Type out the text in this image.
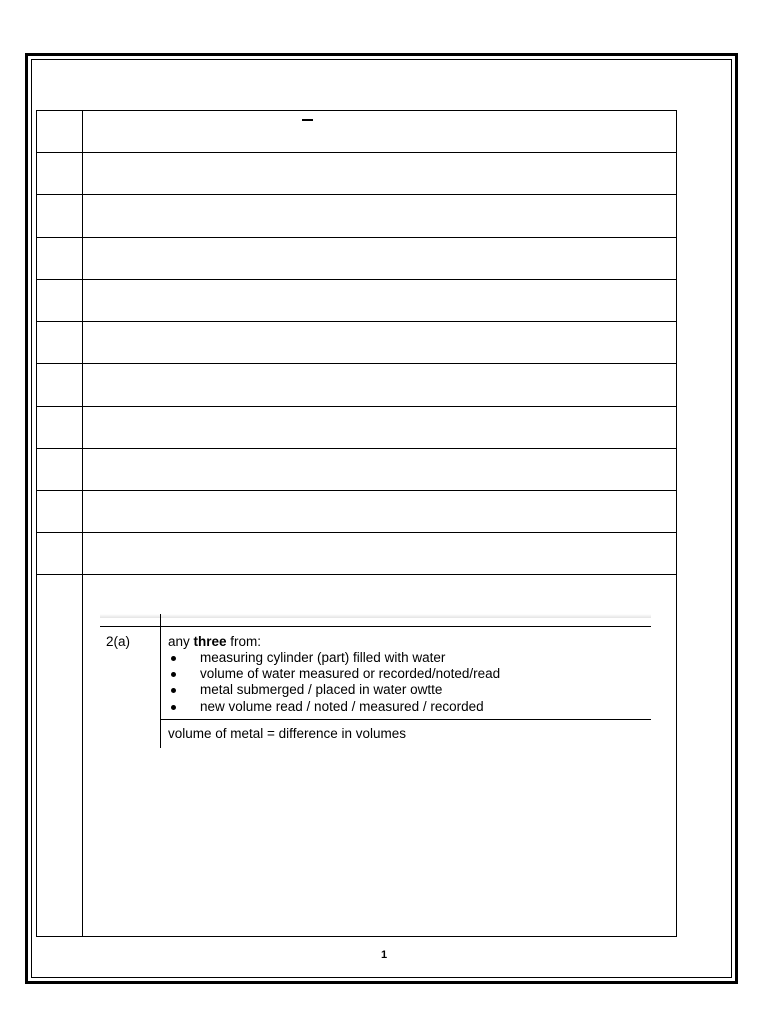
2(a)	any three from:
measuring cylinder (part) filled with water
volume of water measured or recorded/noted/read
metal submerged / placed in water owtte
new volume read / noted / measured / recorded
volume of metal = difference in volumes
1
